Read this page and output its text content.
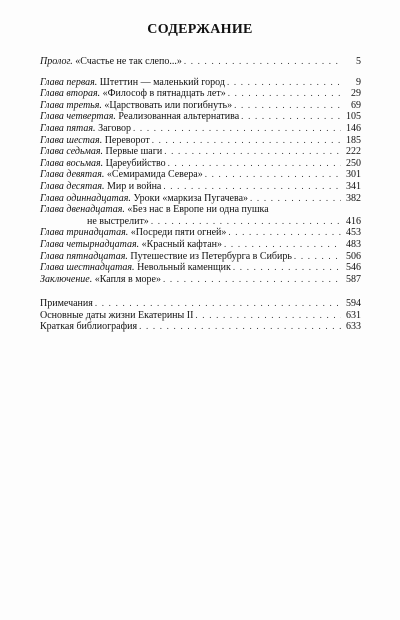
СОДЕРЖАНИЕ
Пролог. «Счастье не так слепо...» . . .	5
Глава первая. Штеттин — маленький город . . .	9
Глава вторая. «Философ в пятнадцать лет» . . .	29
Глава третья. «Царствовать или погибнуть» . . .	69
Глава четвертая. Реализованная альтернатива . . .	105
Глава пятая. Заговор . . .	146
Глава шестая. Переворот . . .	185
Глава седьмая. Первые шаги . . .	222
Глава восьмая. Цареубийство . . .	250
Глава девятая. «Семирамида Севера» . . .	301
Глава десятая. Мир и война . . .	341
Глава одиннадцатая. Уроки «маркиза Пугачева» . . .	382
Глава двенадцатая. «Без нас в Европе ни одна пушка
не выстрелит» . . .	416
Глава тринадцатая. «Посреди пяти огней» . . .	453
Глава четырнадцатая. «Красный кафтан» . . .	483
Глава пятнадцатая. Путешествие из Петербурга в Сибирь . . .	506
Глава шестнадцатая. Невольный каменщик . . .	546
Заключение. «Капля в море» . . .	587
Примечания . . .	594
Основные даты жизни Екатерины II . . .	631
Краткая библиография . . .	633
